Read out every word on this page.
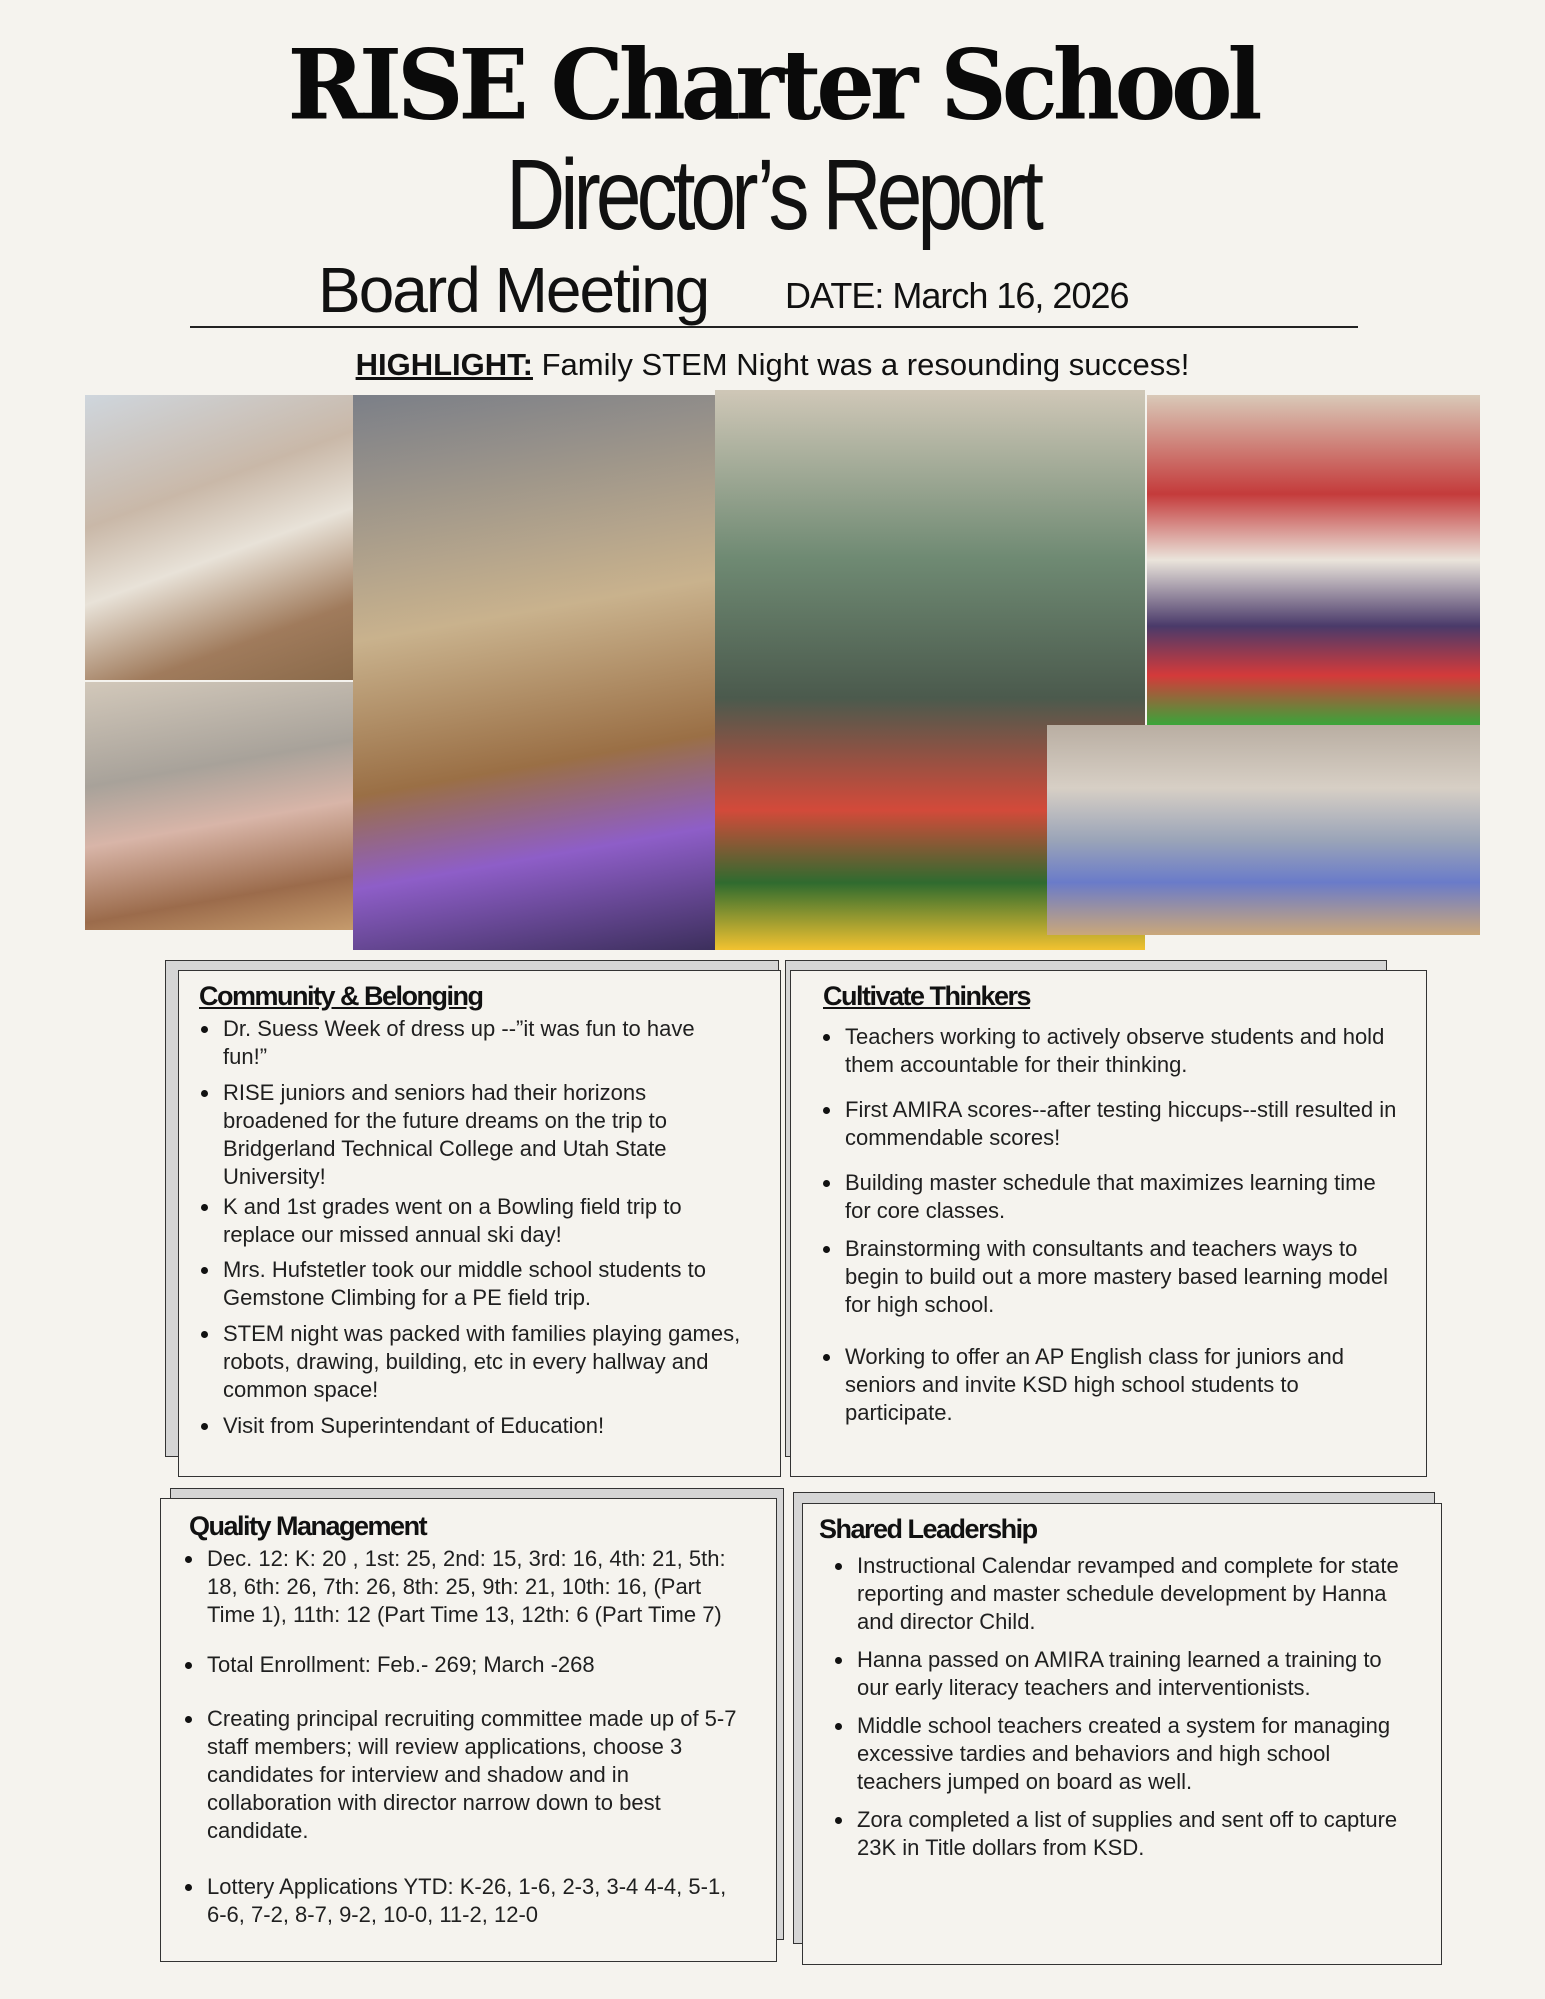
RISE Charter School
Director’s Report
Board Meeting DATE: March 16, 2026
HIGHLIGHT: Family STEM Night was a resounding success!
Community & Belonging
Dr. Suess Week of dress up --”it was fun to have fun!”
RISE juniors and seniors had their horizons broadened for the future dreams on the trip to Bridgerland Technical College and Utah State University!
K and 1st grades went on a Bowling field trip to replace our missed annual ski day!
Mrs. Hufstetler took our middle school students to Gemstone Climbing for a PE field trip.
STEM night was packed with families playing games, robots, drawing, building, etc in every hallway and common space!
Visit from Superintendant of Education!
Cultivate Thinkers
Teachers working to actively observe students and hold them accountable for their thinking.
First AMIRA scores--after testing hiccups--still resulted in commendable scores!
Building master schedule that maximizes learning time for core classes.
Brainstorming with consultants and teachers ways to begin to build out a more mastery based learning model for high school.
Working to offer an AP English class for juniors and seniors and invite KSD high school students to participate.
Quality Management
Dec. 12: K: 20 , 1st: 25, 2nd: 15, 3rd: 16, 4th: 21, 5th: 18, 6th: 26, 7th: 26, 8th: 25, 9th: 21, 10th: 16, (Part Time 1), 11th: 12 (Part Time 13, 12th: 6 (Part Time 7)
Total Enrollment: Feb.- 269; March -268
Creating principal recruiting committee made up of 5-7 staff members; will review applications, choose 3 candidates for interview and shadow and in collaboration with director narrow down to best candidate.
Lottery Applications YTD: K-26, 1-6, 2-3, 3-4 4-4, 5-1, 6-6, 7-2, 8-7, 9-2, 10-0, 11-2, 12-0
Shared Leadership
Instructional Calendar revamped and complete for state reporting and master schedule development by Hanna and director Child.
Hanna passed on AMIRA training learned a training to our early literacy teachers and interventionists.
Middle school teachers created a system for managing excessive tardies and behaviors and high school teachers jumped on board as well.
Zora completed a list of supplies and sent off to capture 23K in Title dollars from KSD.
